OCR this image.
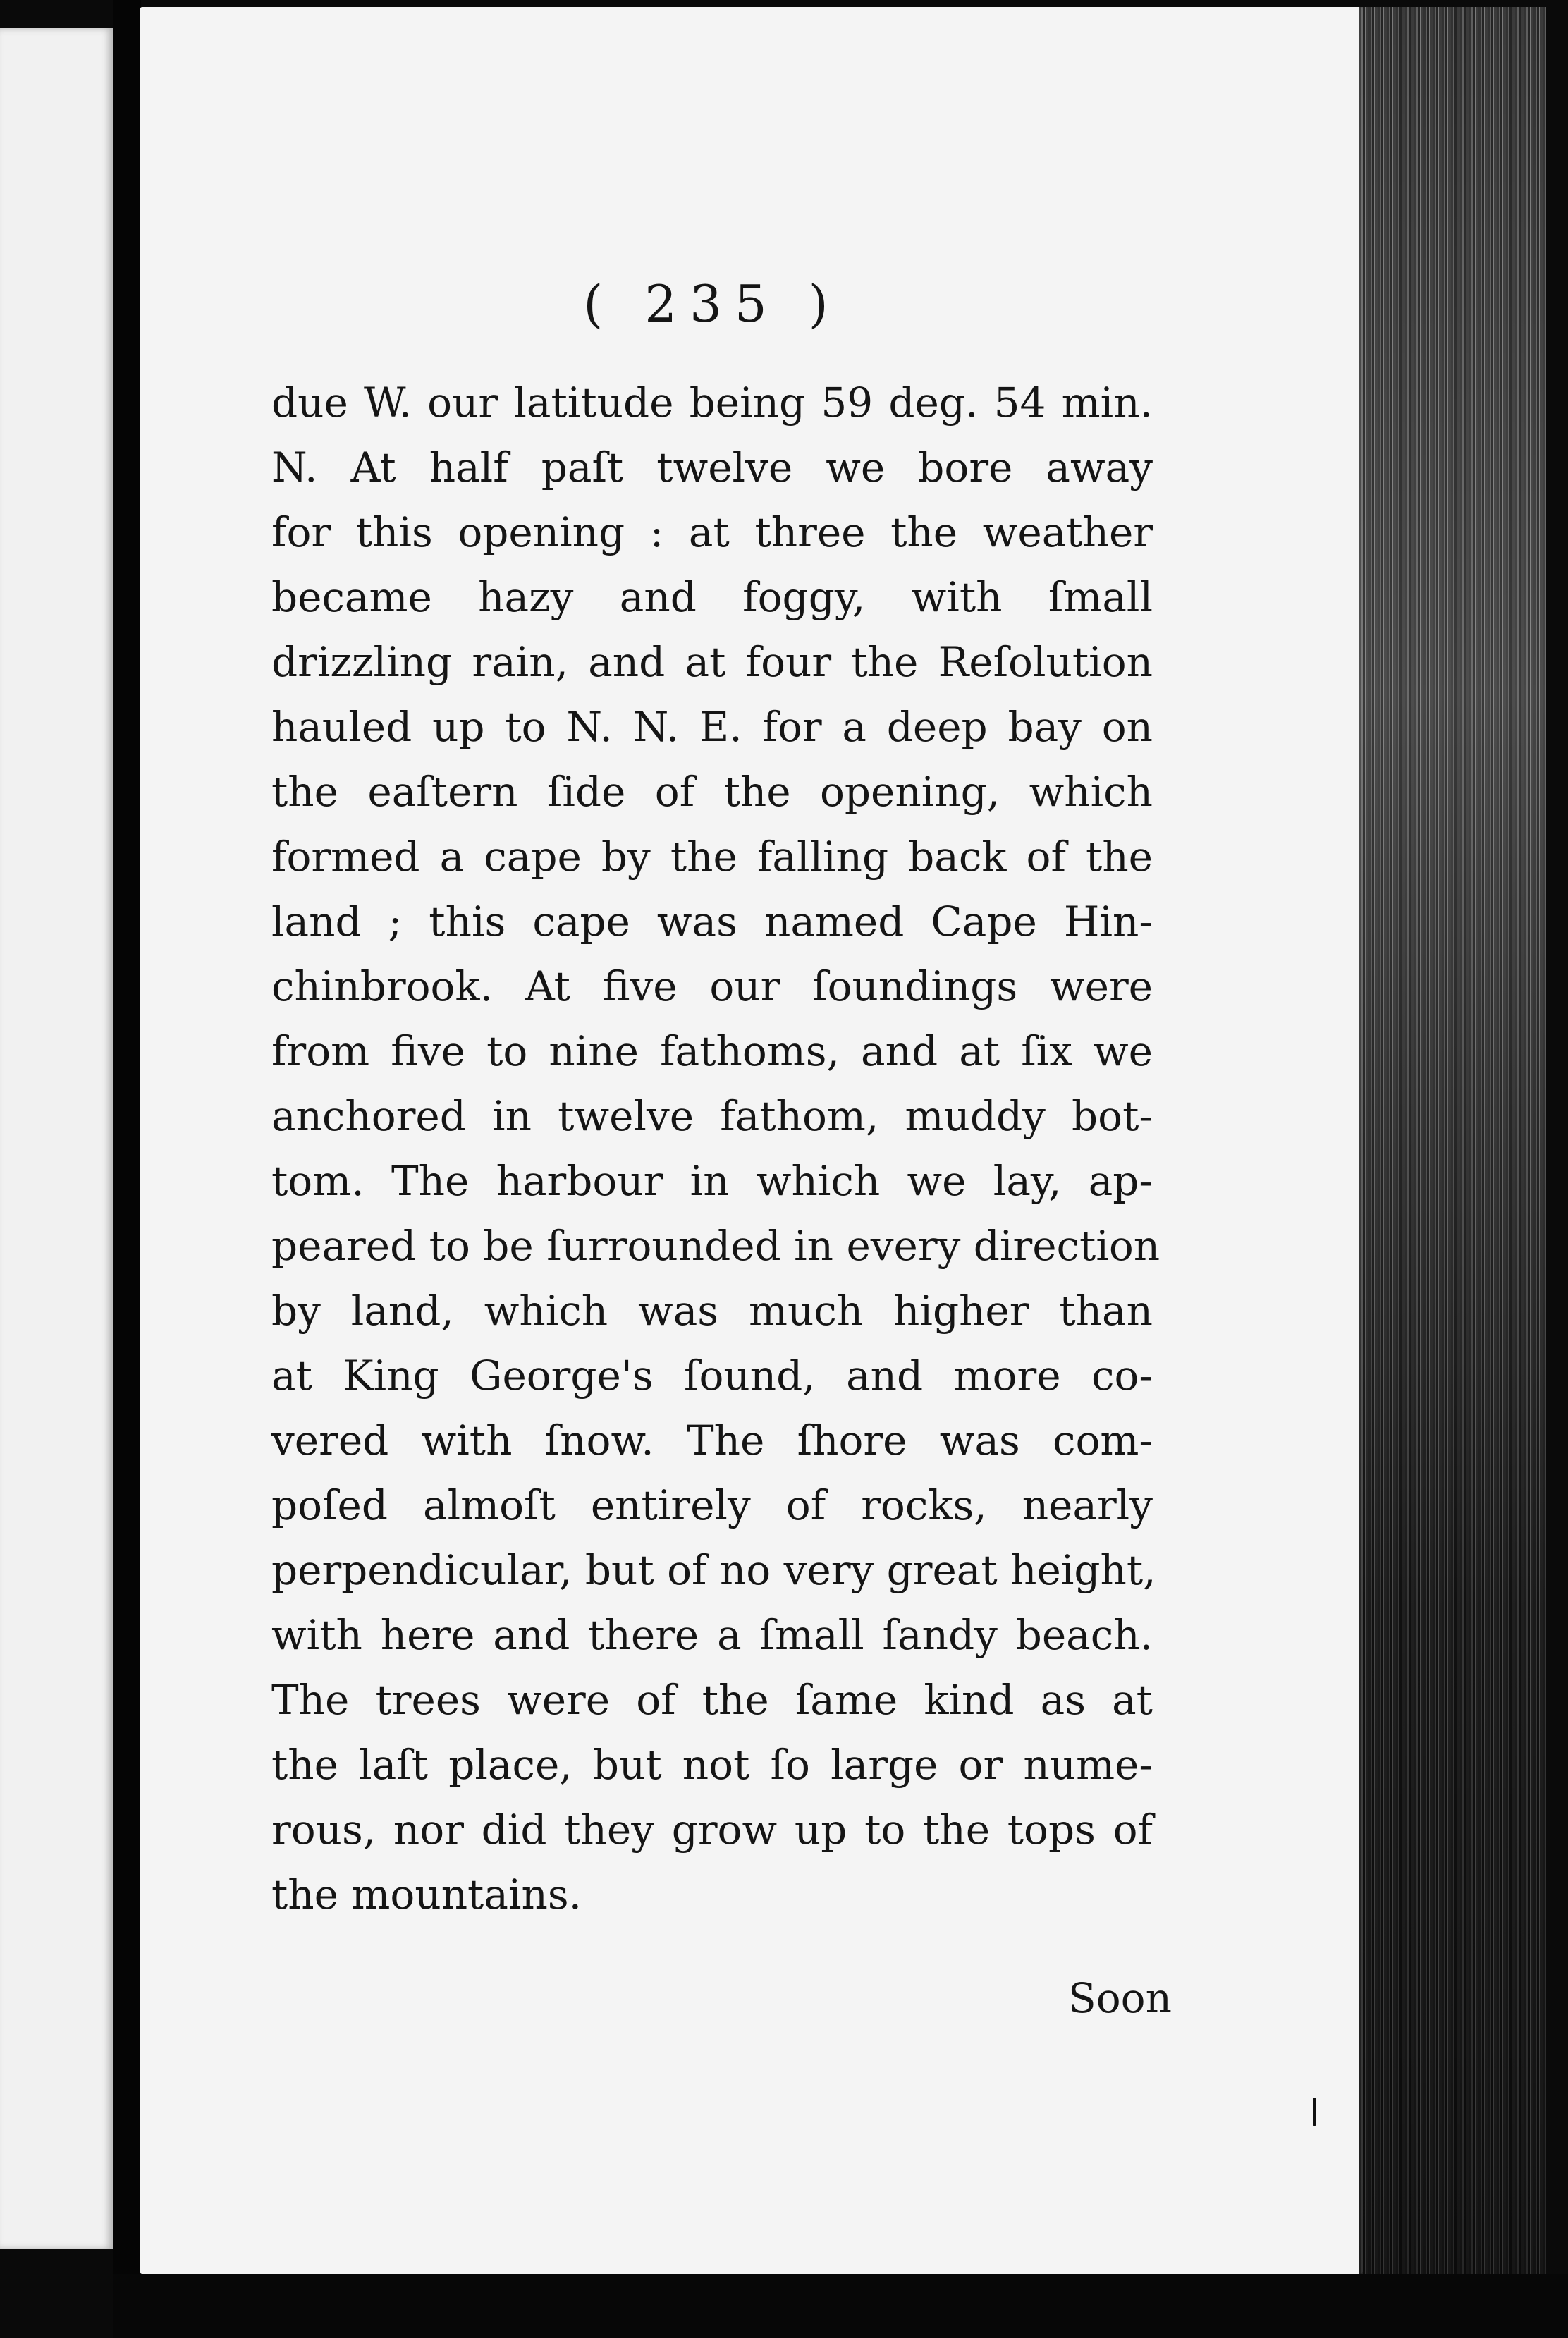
( 235 )
due W. our latitude being 59 deg. 54 min.
N. At half paſt twelve we bore away
for this opening : at three the weather
became hazy and foggy, with ſmall
drizzling rain, and at four the Reſolution
hauled up to N. N. E. for a deep bay on
the eaſtern ſide of the opening, which
formed a cape by the falling back of the
land ; this cape was named Cape Hin-
chinbrook. At five our ſoundings were
from five to nine fathoms, and at ſix we
anchored in twelve fathom, muddy bot-
tom. The harbour in which we lay, ap-
peared to be ſurrounded in every direction
by land, which was much higher than
at King George's ſound, and more co-
vered with ſnow. The ſhore was com-
poſed almoſt entirely of rocks, nearly
perpendicular, but of no very great height,
with here and there a ſmall ſandy beach.
The trees were of the ſame kind as at
the laſt place, but not ſo large or nume-
rous, nor did they grow up to the tops of
the mountains.
Soon
